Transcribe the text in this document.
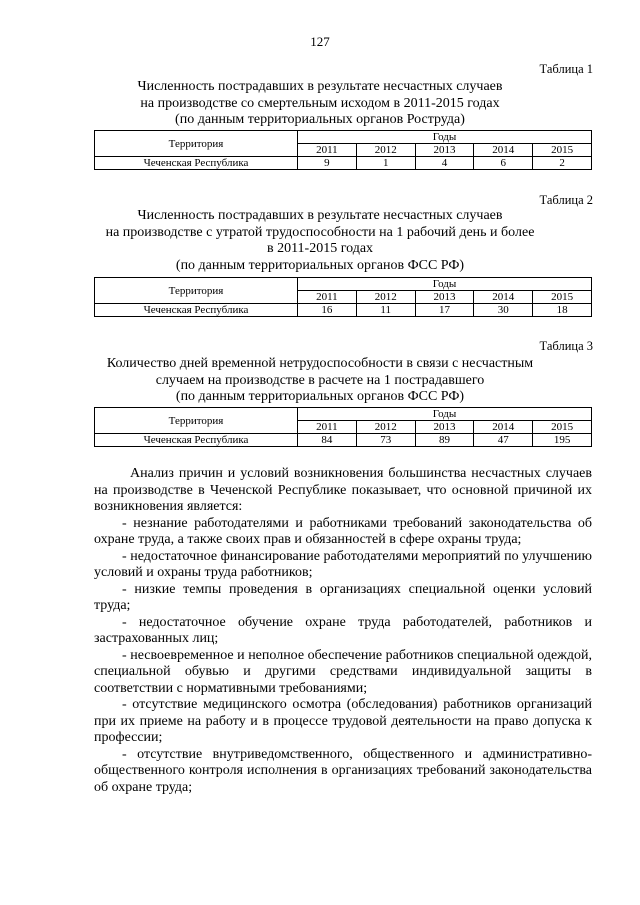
127
Таблица 1
Численность пострадавших в результате несчастных случаев
на производстве со смертельным исходом в 2011-2015 годах
(по данным территориальных органов Роструда)
Территория	Годы				
	2011	2012	2013	2014	2015
Чеченская Республика	9	1	4	6	2
Таблица 2
Численность пострадавших в результате несчастных случаев
на производстве с утратой трудоспособности на 1 рабочий день и более
в 2011-2015 годах
(по данным территориальных органов ФСС РФ)
Территория	Годы				
	2011	2012	2013	2014	2015
Чеченская Республика	16	11	17	30	18
Таблица 3
Количество дней временной нетрудоспособности в связи с несчастным
случаем на производстве в расчете на 1 пострадавшего
(по данным территориальных органов ФСС РФ)
Территория	Годы				
	2011	2012	2013	2014	2015
Чеченская Республика	84	73	89	47	195

Анализ причин и условий возникновения большинства несчастных случаев на производстве в Чеченской Республике показывает, что основной причиной их возникновения является:

- незнание работодателями и работниками требований законодательства об охране труда, а также своих прав и обязанностей в сфере охраны труда;

- недостаточное финансирование работодателями мероприятий по улучшению условий и охраны труда работников;

- низкие темпы проведения в организациях специальной оценки условий труда;

- недостаточное обучение охране труда работодателей, работников и застрахованных лиц;

- несвоевременное и неполное обеспечение работников специальной одеждой, специальной обувью и другими средствами индивидуальной защиты в соответствии с нормативными требованиями;

- отсутствие медицинского осмотра (обследования) работников организаций при их приеме на работу и в процессе трудовой деятельности на право допуска к профессии;

- отсутствие внутриведомственного, общественного и административно-общественного контроля исполнения в организациях требований законодательства об охране труда;
